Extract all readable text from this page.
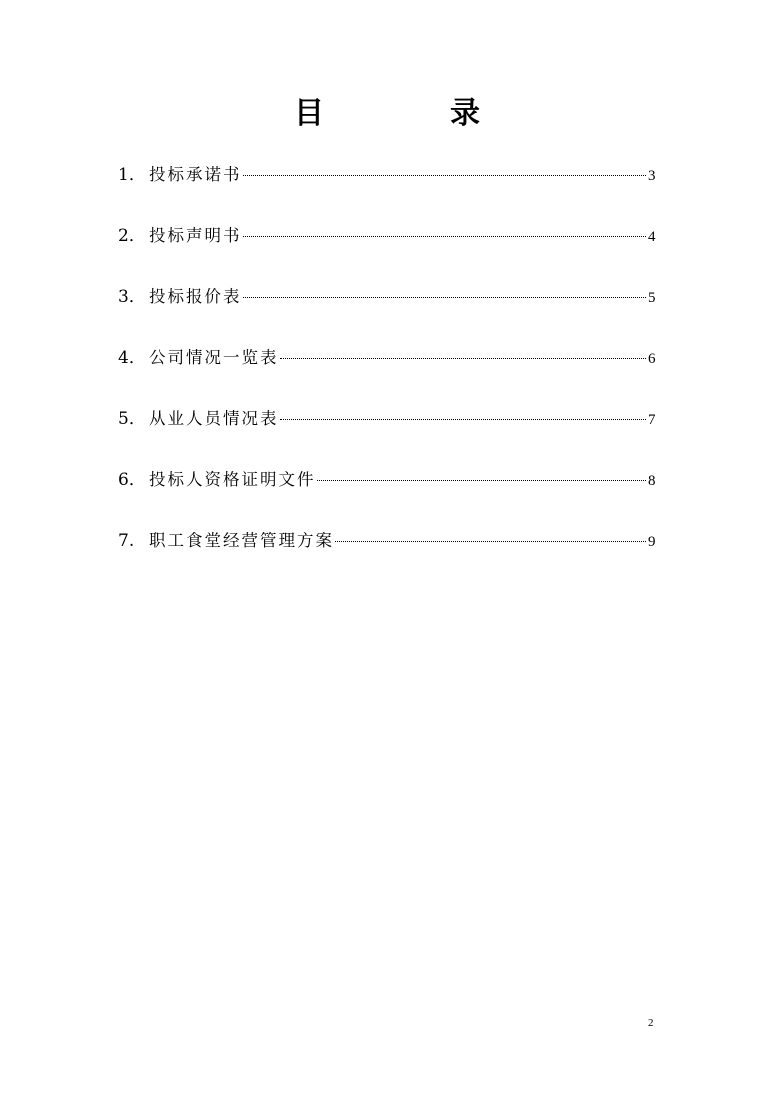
目　录
1． 投标承诺书	3
2． 投标声明书	4
3． 投标报价表	5
4． 公司情况一览表	6
5． 从业人员情况表	7
6． 投标人资格证明文件	8
7. 职工食堂经营管理方案	9
2
